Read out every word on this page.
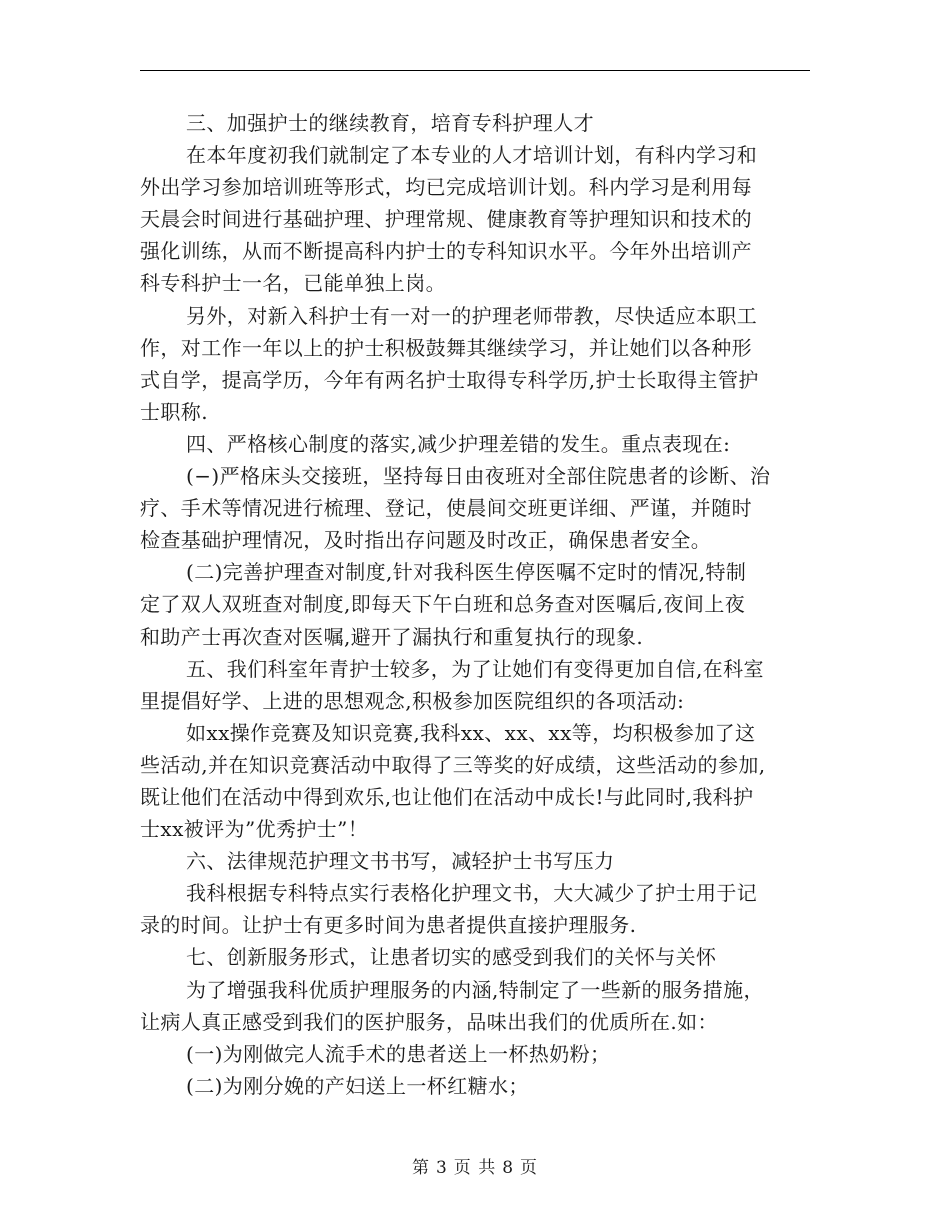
三、加强护士的继续教育，培育专科护理人才
在本年度初我们就制定了本专业的人才培训计划，有科内学习和
外出学习参加培训班等形式，均已完成培训计划。科内学习是利用每
天晨会时间进行基础护理、护理常规、健康教育等护理知识和技术的
强化训练，从而不断提高科内护士的专科知识水平。今年外出培训产
科专科护士一名，已能单独上岗。
另外，对新入科护士有一对一的护理老师带教，尽快适应本职工
作，对工作一年以上的护士积极鼓舞其继续学习，并让她们以各种形
式自学，提高学历，今年有两名护士取得专科学历,护士长取得主管护
士职称.
四、严格核心制度的落实,减少护理差错的发生。重点表现在:
(−)严格床头交接班，坚持每日由夜班对全部住院患者的诊断、治
疗、手术等情况进行梳理、登记，使晨间交班更详细、严谨，并随时
检查基础护理情况，及时指出存问题及时改正，确保患者安全。
(二)完善护理查对制度,针对我科医生停医嘱不定时的情况,特制
定了双人双班查对制度,即每天下午白班和总务查对医嘱后,夜间上夜
和助产士再次查对医嘱,避开了漏执行和重复执行的现象.
五、我们科室年青护士较多，为了让她们有变得更加自信,在科室
里提倡好学、上进的思想观念,积极参加医院组织的各项活动:
如xx操作竞赛及知识竞赛,我科xx、xx、xx等，均积极参加了这
些活动,并在知识竞赛活动中取得了三等奖的好成绩，这些活动的参加,
既让他们在活动中得到欢乐,也让他们在活动中成长!与此同时,我科护
士xx被评为”优秀护士”！
六、法律规范护理文书书写，减轻护士书写压力
我科根据专科特点实行表格化护理文书，大大减少了护士用于记
录的时间。让护士有更多时间为患者提供直接护理服务.
七、创新服务形式，让患者切实的感受到我们的关怀与关怀
为了增强我科优质护理服务的内涵,特制定了一些新的服务措施，
让病人真正感受到我们的医护服务，品味出我们的优质所在.如：
(一)为刚做完人流手术的患者送上一杯热奶粉；
(二)为刚分娩的产妇送上一杯红糖水；
第 3 页 共 8 页
